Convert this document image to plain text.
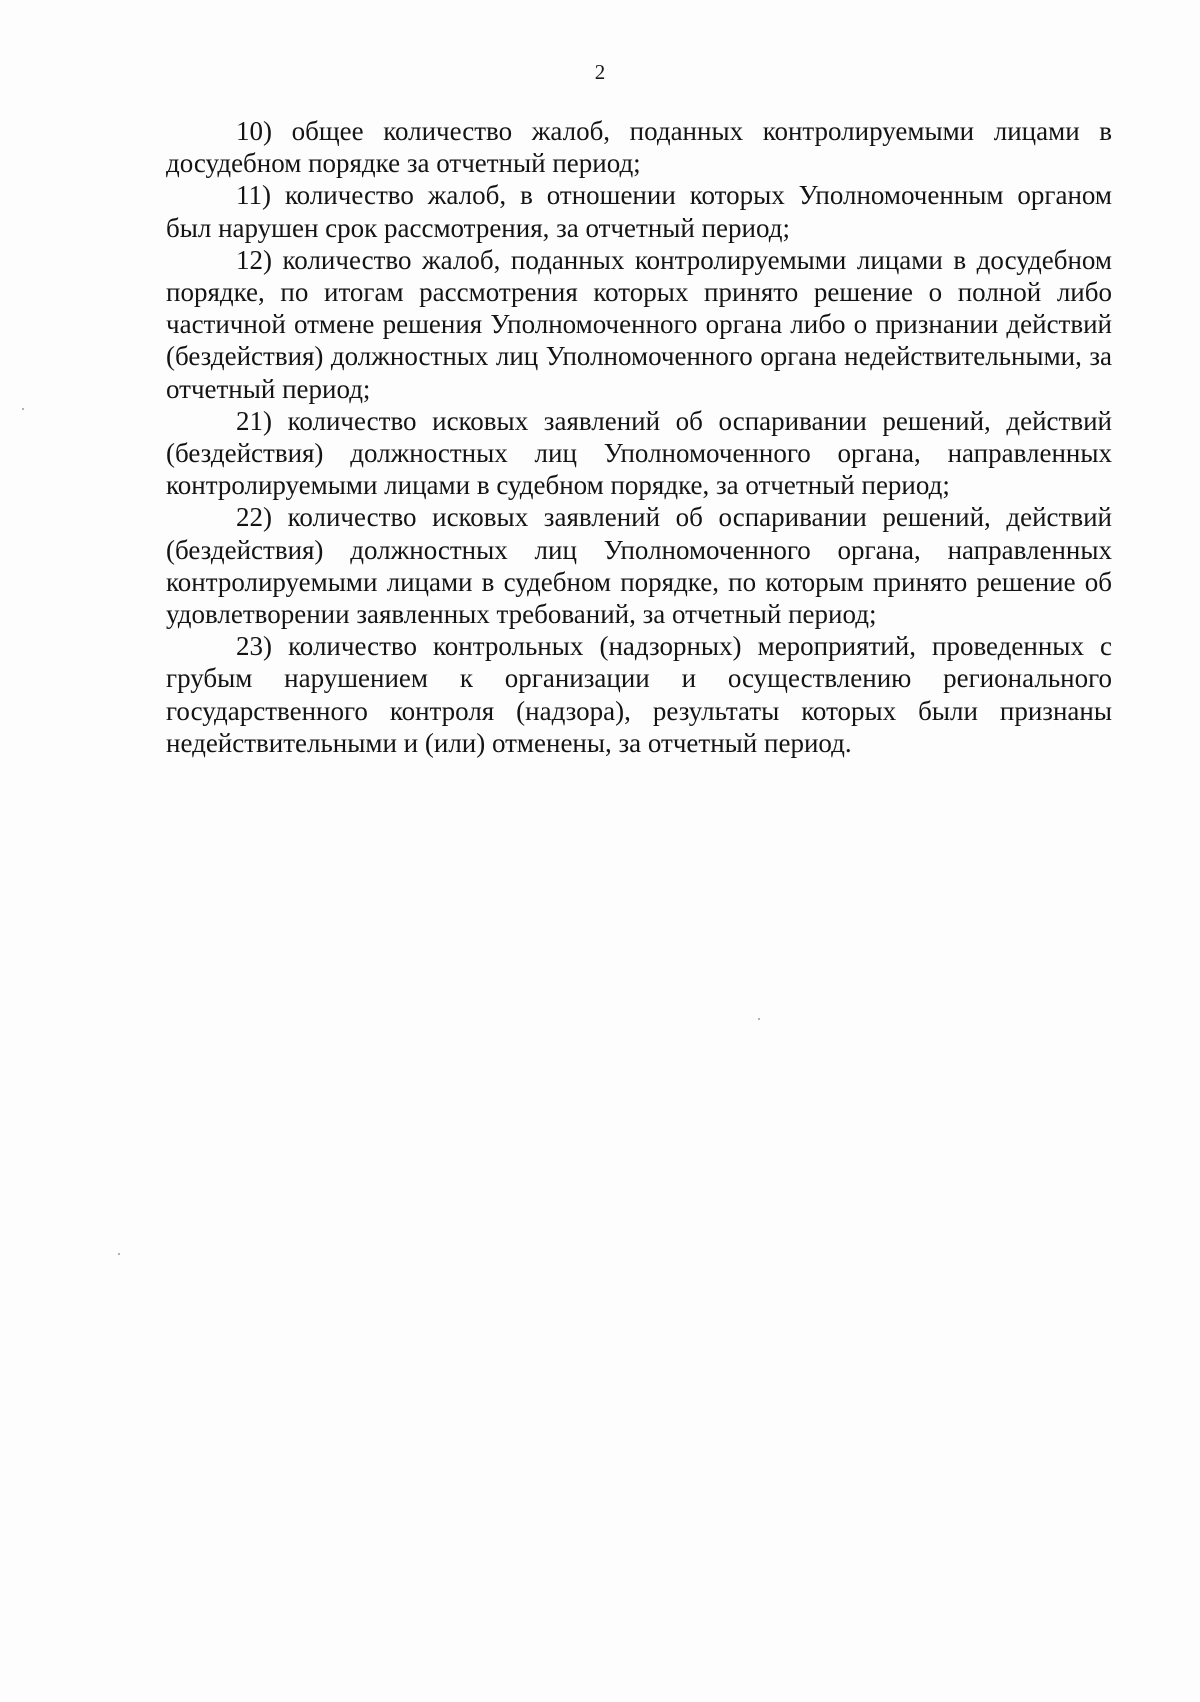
2

10) общее количество жалоб, поданных контролируемыми лицами в досудебном порядке за отчетный период;

11) количество жалоб, в отношении которых Уполномоченным органом был нарушен срок рассмотрения, за отчетный период;

12) количество жалоб, поданных контролируемыми лицами в досудебном порядке, по итогам рассмотрения которых принято решение о полной либо частичной отмене решения Уполномоченного органа либо о признании действий (бездействия) должностных лиц Уполномоченного органа недействительными, за отчетный период;

21) количество исковых заявлений об оспаривании решений, действий (бездействия) должностных лиц Уполномоченного органа, направленных контролируемыми лицами в судебном порядке, за отчетный период;

22) количество исковых заявлений об оспаривании решений, действий (бездействия) должностных лиц Уполномоченного органа, направленных контролируемыми лицами в судебном порядке, по которым принято решение об удовлетворении заявленных требований, за отчетный период;

23) количество контрольных (надзорных) мероприятий, проведенных с грубым нарушением к организации и осуществлению регионального государственного контроля (надзора), результаты которых были признаны недействительными и (или) отменены, за отчетный период.
